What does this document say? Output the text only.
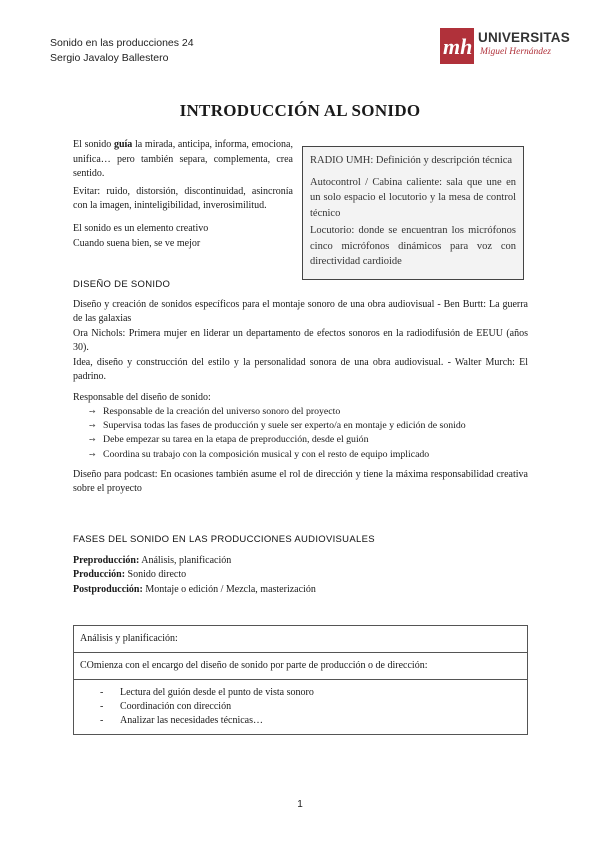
Sonido en las producciones 24
Sergio Javaloy Ballestero	mh UNIVERSITAS
Miguel Hernández
INTRODUCCIÓN AL SONIDO

El sonido guía la mirada, anticipa, informa, emociona, unifica… pero también separa, complementa, crea sentido.

Evitar: ruido, distorsión, discontinuidad, asincronía con la imagen, ininteligibilidad, inverosimilitud.

El sonido es un elemento creativo
Cuando suena bien, se ve mejor

RADIO UMH: Definición y descripción técnica

Autocontrol / Cabina caliente: sala que une en un solo espacio el locutorio y la mesa de control técnico

Locutorio: donde se encuentran los micrófonos cinco micrófonos dinámicos para voz con directividad cardioide

DISEÑO DE SONIDO
Diseño y creación de sonidos específicos para el montaje sonoro de una obra audiovisual - Ben Burtt: La guerra de las galaxias
Ora Nichols: Primera mujer en liderar un departamento de efectos sonoros en la radiodifusión de EEUU (años 30).
Idea, diseño y construcción del estilo y la personalidad sonora de una obra audiovisual. - Walter Murch: El padrino.
Responsable del diseño de sonido:
➙ Responsable de la creación del universo sonoro del proyecto
➙ Supervisa todas las fases de producción y suele ser experto/a en montaje y edición de sonido
➙ Debe empezar su tarea en la etapa de preproducción, desde el guión
➙ Coordina su trabajo con la composición musical y con el resto de equipo implicado
Diseño para podcast: En ocasiones también asume el rol de dirección y tiene la máxima responsabilidad creativa sobre el proyecto
FASES DEL SONIDO EN LAS PRODUCCIONES AUDIOVISUALES
Preproducción: Análisis, planificación
Producción: Sonido directo
Postproducción: Montaje o edición / Mezcla, masterización
Análisis y planificación:
COmienza con el encargo del diseño de sonido por parte de producción o de dirección:
- Lectura del guión desde el punto de vista sonoro
- Coordinación con dirección
- Analizar las necesidades técnicas…
1
